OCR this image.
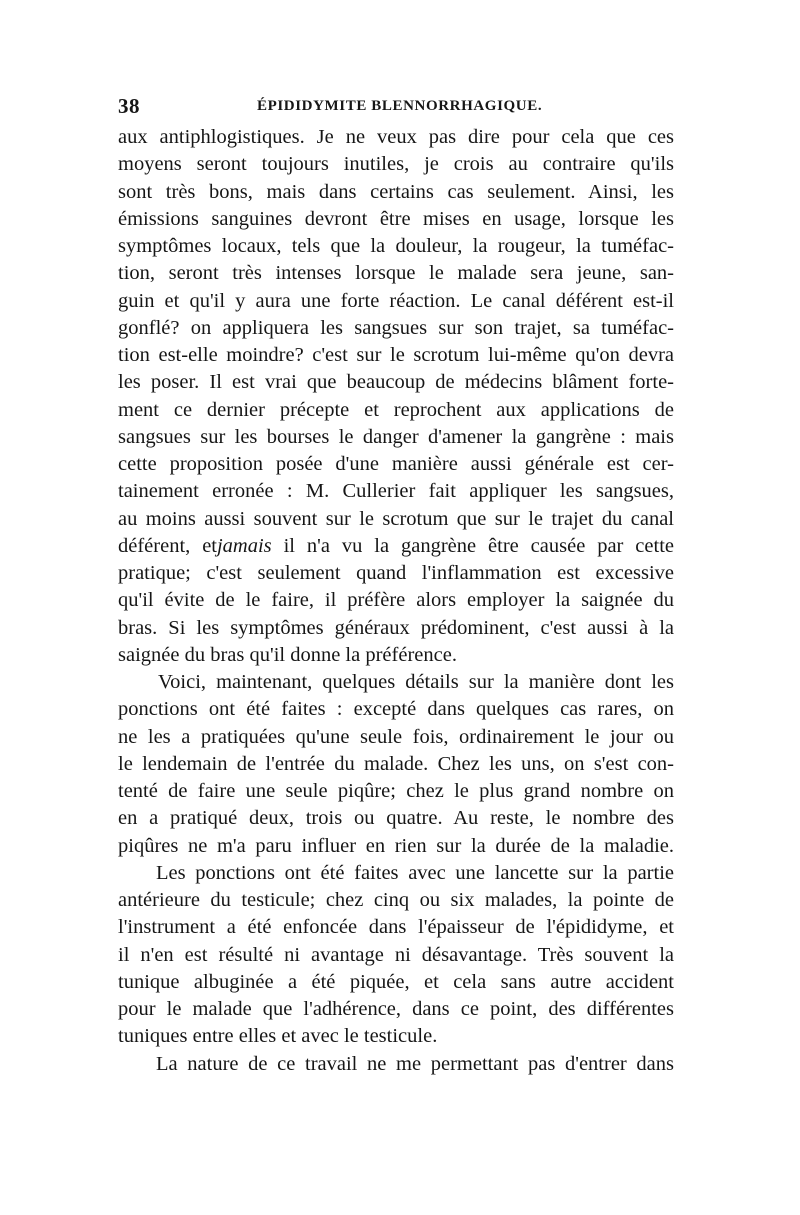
38	ÉPIDIDYMITE BLENNORRHAGIQUE.
aux antiphlogistiques. Je ne veux pas dire pour cela que ces
moyens seront toujours inutiles, je crois au contraire qu'ils
sont très bons, mais dans certains cas seulement. Ainsi, les
émissions sanguines devront être mises en usage, lorsque les
symptômes locaux, tels que la douleur, la rougeur, la tuméfac-
tion, seront très intenses lorsque le malade sera jeune, san-
guin et qu'il y aura une forte réaction. Le canal déférent est-il
gonflé? on appliquera les sangsues sur son trajet, sa tuméfac-
tion est-elle moindre? c'est sur le scrotum lui-même qu'on devra
les poser. Il est vrai que beaucoup de médecins blâment forte-
ment ce dernier précepte et reprochent aux applications de
sangsues sur les bourses le danger d'amener la gangrène : mais
cette proposition posée d'une manière aussi générale est cer-
tainement erronée : M. Cullerier fait appliquer les sangsues,
au moins aussi souvent sur le scrotum que sur le trajet du canal
déférent, etjamais il n'a vu la gangrène être causée par cette
pratique; c'est seulement quand l'inflammation est excessive
qu'il évite de le faire, il préfère alors employer la saignée du
bras. Si les symptômes généraux prédominent, c'est aussi à la
saignée du bras qu'il donne la préférence.
Voici, maintenant, quelques détails sur la manière dont les
ponctions ont été faites : excepté dans quelques cas rares, on
ne les a pratiquées qu'une seule fois, ordinairement le jour ou
le lendemain de l'entrée du malade. Chez les uns, on s'est con-
tenté de faire une seule piqûre; chez le plus grand nombre on
en a pratiqué deux, trois ou quatre. Au reste, le nombre des
piqûres ne m'a paru influer en rien sur la durée de la maladie.
Les ponctions ont été faites avec une lancette sur la partie
antérieure du testicule; chez cinq ou six malades, la pointe de
l'instrument a été enfoncée dans l'épaisseur de l'épididyme, et
il n'en est résulté ni avantage ni désavantage. Très souvent la
tunique albuginée a été piquée, et cela sans autre accident
pour le malade que l'adhérence, dans ce point, des différentes
tuniques entre elles et avec le testicule.
La nature de ce travail ne me permettant pas d'entrer dans
